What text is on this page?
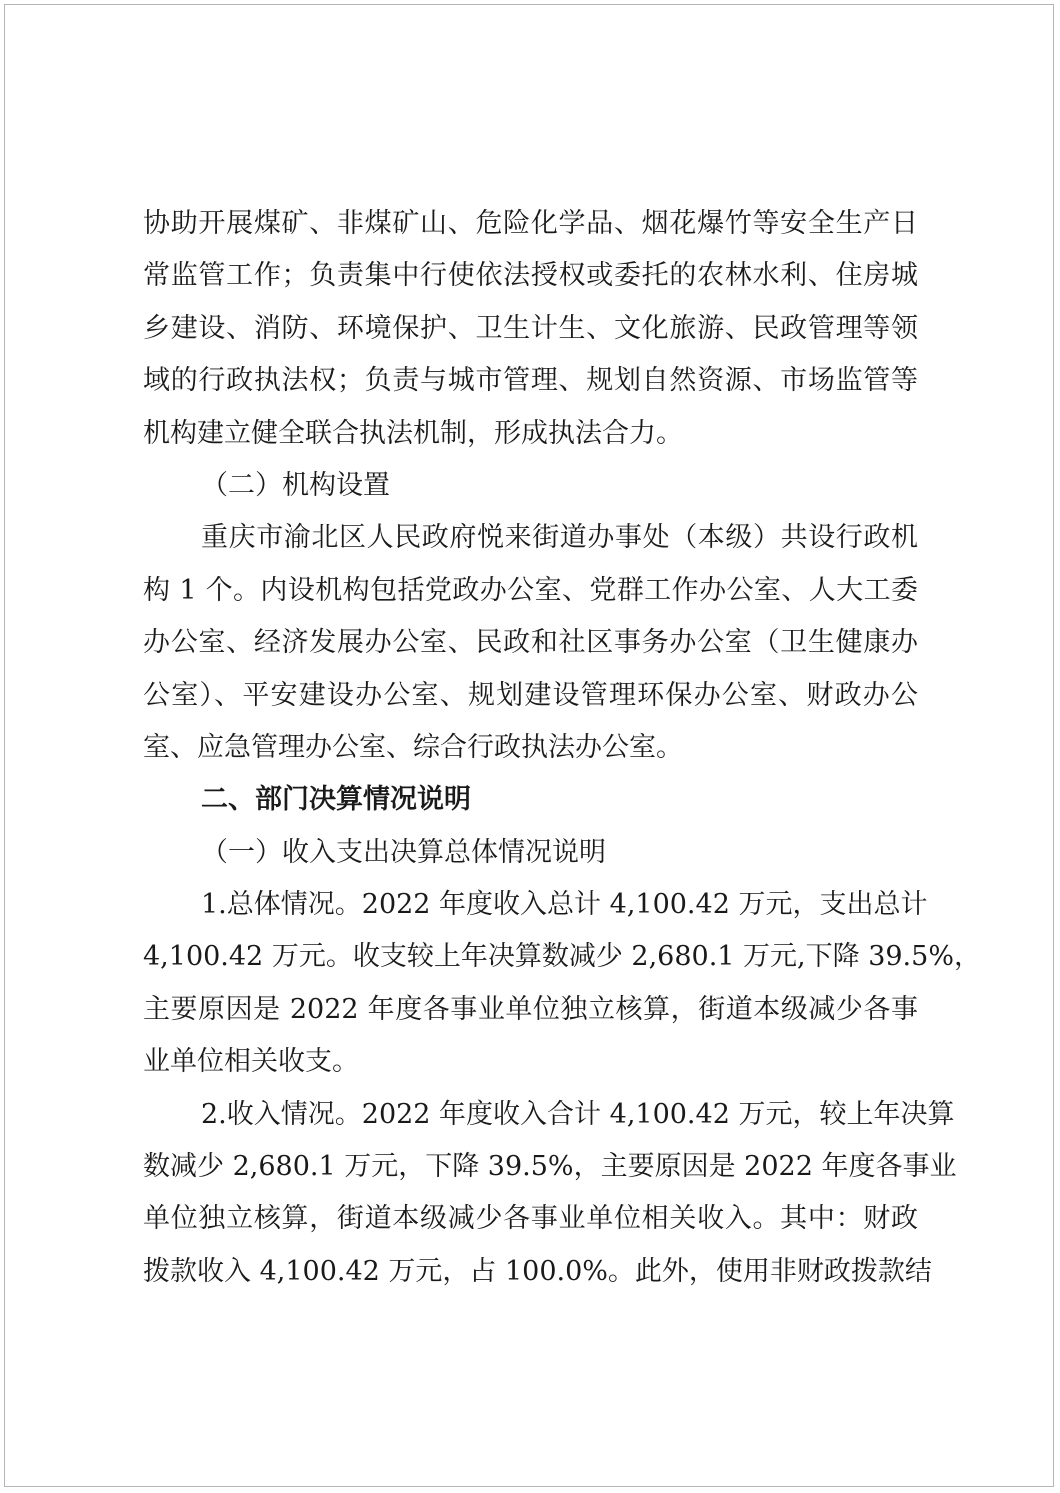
协助开展煤矿、非煤矿山、危险化学品、烟花爆竹等安全生产日
常监管工作；负责集中行使依法授权或委托的农林水利、住房城
乡建设、消防、环境保护、卫生计生、文化旅游、民政管理等领
域的行政执法权；负责与城市管理、规划自然资源、市场监管等
机构建立健全联合执法机制，形成执法合力。
（二）机构设置
重庆市渝北区人民政府悦来街道办事处（本级）共设行政机
构 1 个。内设机构包括党政办公室、党群工作办公室、人大工委
办公室、经济发展办公室、民政和社区事务办公室（卫生健康办
公室）、平安建设办公室、规划建设管理环保办公室、财政办公
室、应急管理办公室、综合行政执法办公室。
二、部门决算情况说明
（一）收入支出决算总体情况说明
1.总体情况。2022 年度收入总计 4,100.42 万元，支出总计
4,100.42 万元。收支较上年决算数减少 2,680.1 万元,下降 39.5%，
主要原因是 2022 年度各事业单位独立核算，街道本级减少各事
业单位相关收支。
2.收入情况。2022 年度收入合计 4,100.42 万元，较上年决算
数减少 2,680.1 万元，下降 39.5%，主要原因是 2022 年度各事业
单位独立核算，街道本级减少各事业单位相关收入。其中：财政
拨款收入 4,100.42 万元，占 100.0%。此外，使用非财政拨款结
